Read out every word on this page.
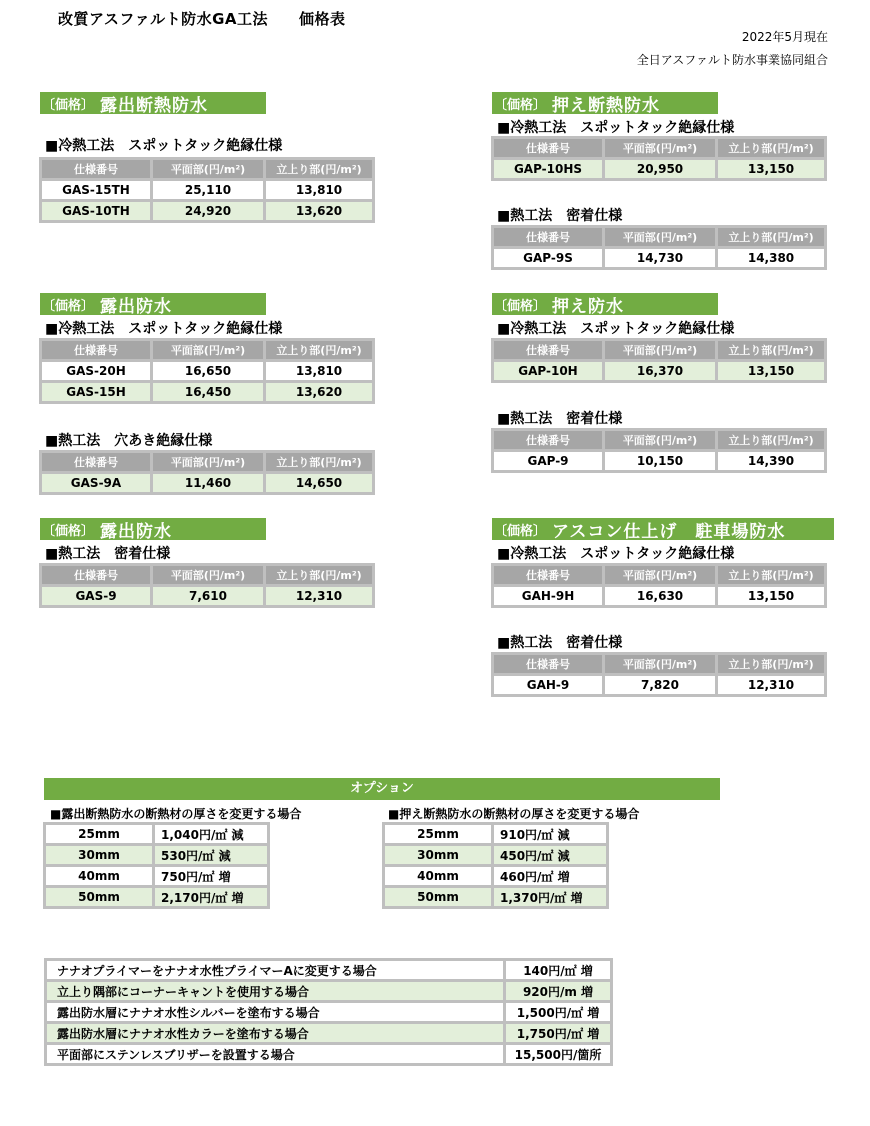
改質アスファルト防水GA工法　　価格表
2022年5月現在
全日アスファルト防水事業協同組合
〔価格〕 露出断熱防水
■冷熱工法　スポットタック絶縁仕様
仕様番号	平面部(円/m²)	立上り部(円/m²)
GAS-15TH	25,110	13,810
GAS-10TH	24,920	13,620
〔価格〕 押え断熱防水
■冷熱工法　スポットタック絶縁仕様
仕様番号	平面部(円/m²)	立上り部(円/m²)
GAP-10HS	20,950	13,150
■熱工法　密着仕様
仕様番号	平面部(円/m²)	立上り部(円/m²)
GAP-9S	14,730	14,380
〔価格〕 露出防水
■冷熱工法　スポットタック絶縁仕様
仕様番号	平面部(円/m²)	立上り部(円/m²)
GAS-20H	16,650	13,810
GAS-15H	16,450	13,620
■熱工法　穴あき絶縁仕様
仕様番号	平面部(円/m²)	立上り部(円/m²)
GAS-9A	11,460	14,650
〔価格〕 押え防水
■冷熱工法　スポットタック絶縁仕様
仕様番号	平面部(円/m²)	立上り部(円/m²)
GAP-10H	16,370	13,150
■熱工法　密着仕様
仕様番号	平面部(円/m²)	立上り部(円/m²)
GAP-9	10,150	14,390
〔価格〕 露出防水
■熱工法　密着仕様
仕様番号	平面部(円/m²)	立上り部(円/m²)
GAS-9	7,610	12,310
〔価格〕 アスコン仕上げ　駐車場防水
■冷熱工法　スポットタック絶縁仕様
仕様番号	平面部(円/m²)	立上り部(円/m²)
GAH-9H	16,630	13,150
■熱工法　密着仕様
仕様番号	平面部(円/m²)	立上り部(円/m²)
GAH-9	7,820	12,310
オプション
■露出断熱防水の断熱材の厚さを変更する場合	■押え断熱防水の断熱材の厚さを変更する場合
25mm	1,040円/㎡ 減
30mm	530円/㎡ 減
40mm	750円/㎡ 増
50mm	2,170円/㎡ 増
25mm	910円/㎡ 減
30mm	450円/㎡ 減
40mm	460円/㎡ 増
50mm	1,370円/㎡ 増
ナナオプライマーをナナオ水性プライマーAに変更する場合	140円/㎡ 増
立上り隅部にコーナーキャントを使用する場合	920円/m 増
露出防水層にナナオ水性シルバーを塗布する場合	1,500円/㎡ 増
露出防水層にナナオ水性カラーを塗布する場合	1,750円/㎡ 増
平面部にステンレスブリザーを設置する場合	15,500円/箇所
